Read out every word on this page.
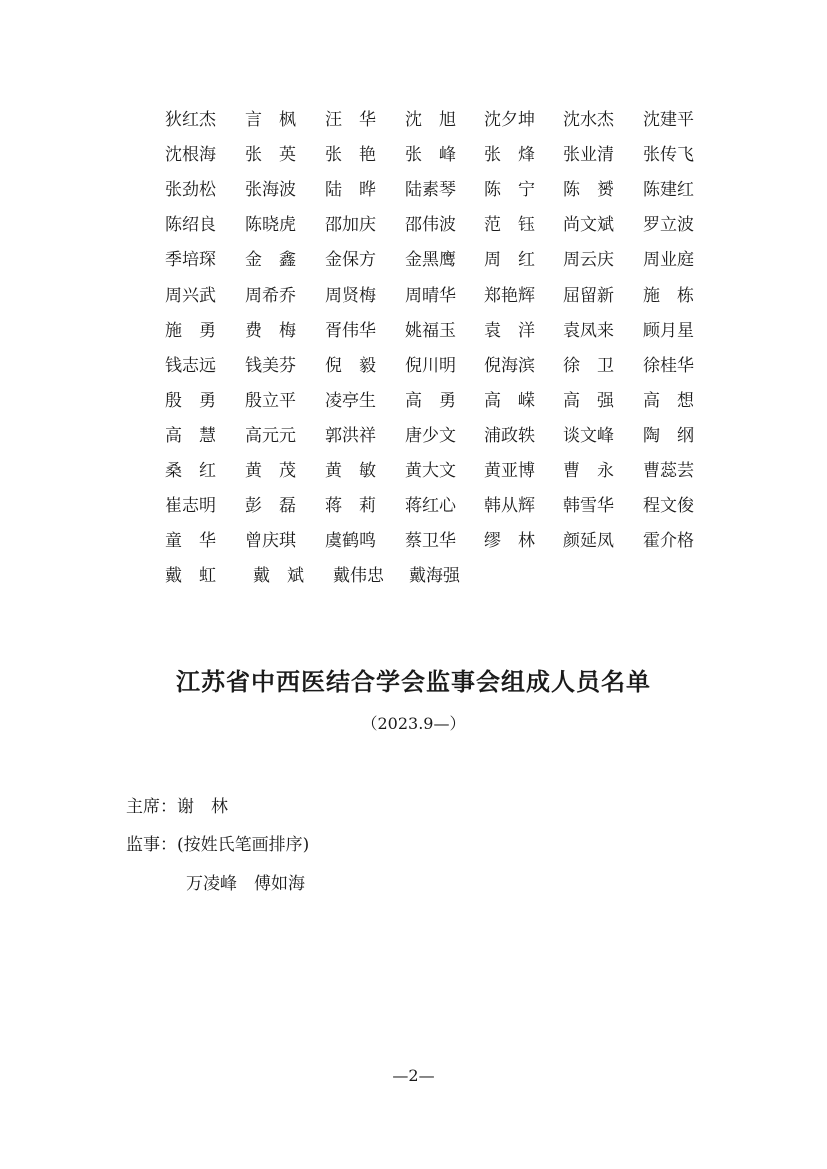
狄红杰	言　枫	汪　华	沈　旭	沈夕坤	沈水杰	沈建平
沈根海	张　英	张　艳	张　峰	张　烽	张业清	张传飞
张劲松	张海波	陆　晔	陆素琴	陈　宁	陈　赟	陈建红
陈绍良	陈晓虎	邵加庆	邵伟波	范　钰	尚文斌	罗立波
季培琛	金　鑫	金保方	金黑鹰	周　红	周云庆	周业庭
周兴武	周希乔	周贤梅	周晴华	郑艳辉	屈留新	施　栋
施　勇	费　梅	胥伟华	姚福玉	袁　洋	袁凤来	顾月星
钱志远	钱美芬	倪　毅	倪川明	倪海滨	徐　卫	徐桂华
殷　勇	殷立平	凌亭生	高　勇	高　嵘	高　强	高　想
高　慧	高元元	郭洪祥	唐少文	浦政轶	谈文峰	陶　纲
桑　红	黄　茂	黄　敏	黄大文	黄亚博	曹　永	曹蕊芸
崔志明	彭　磊	蒋　莉	蒋红心	韩从辉	韩雪华	程文俊
童　华	曾庆琪	虞鹤鸣	蔡卫华	缪　林	颜延凤	霍介格
戴　虹	戴　斌	戴伟忠	戴海强
江苏省中西医结合学会监事会组成人员名单
（2023.9—）
主席：谢　林
监事：(按姓氏笔画排序)
万凌峰　傅如海
—2—
